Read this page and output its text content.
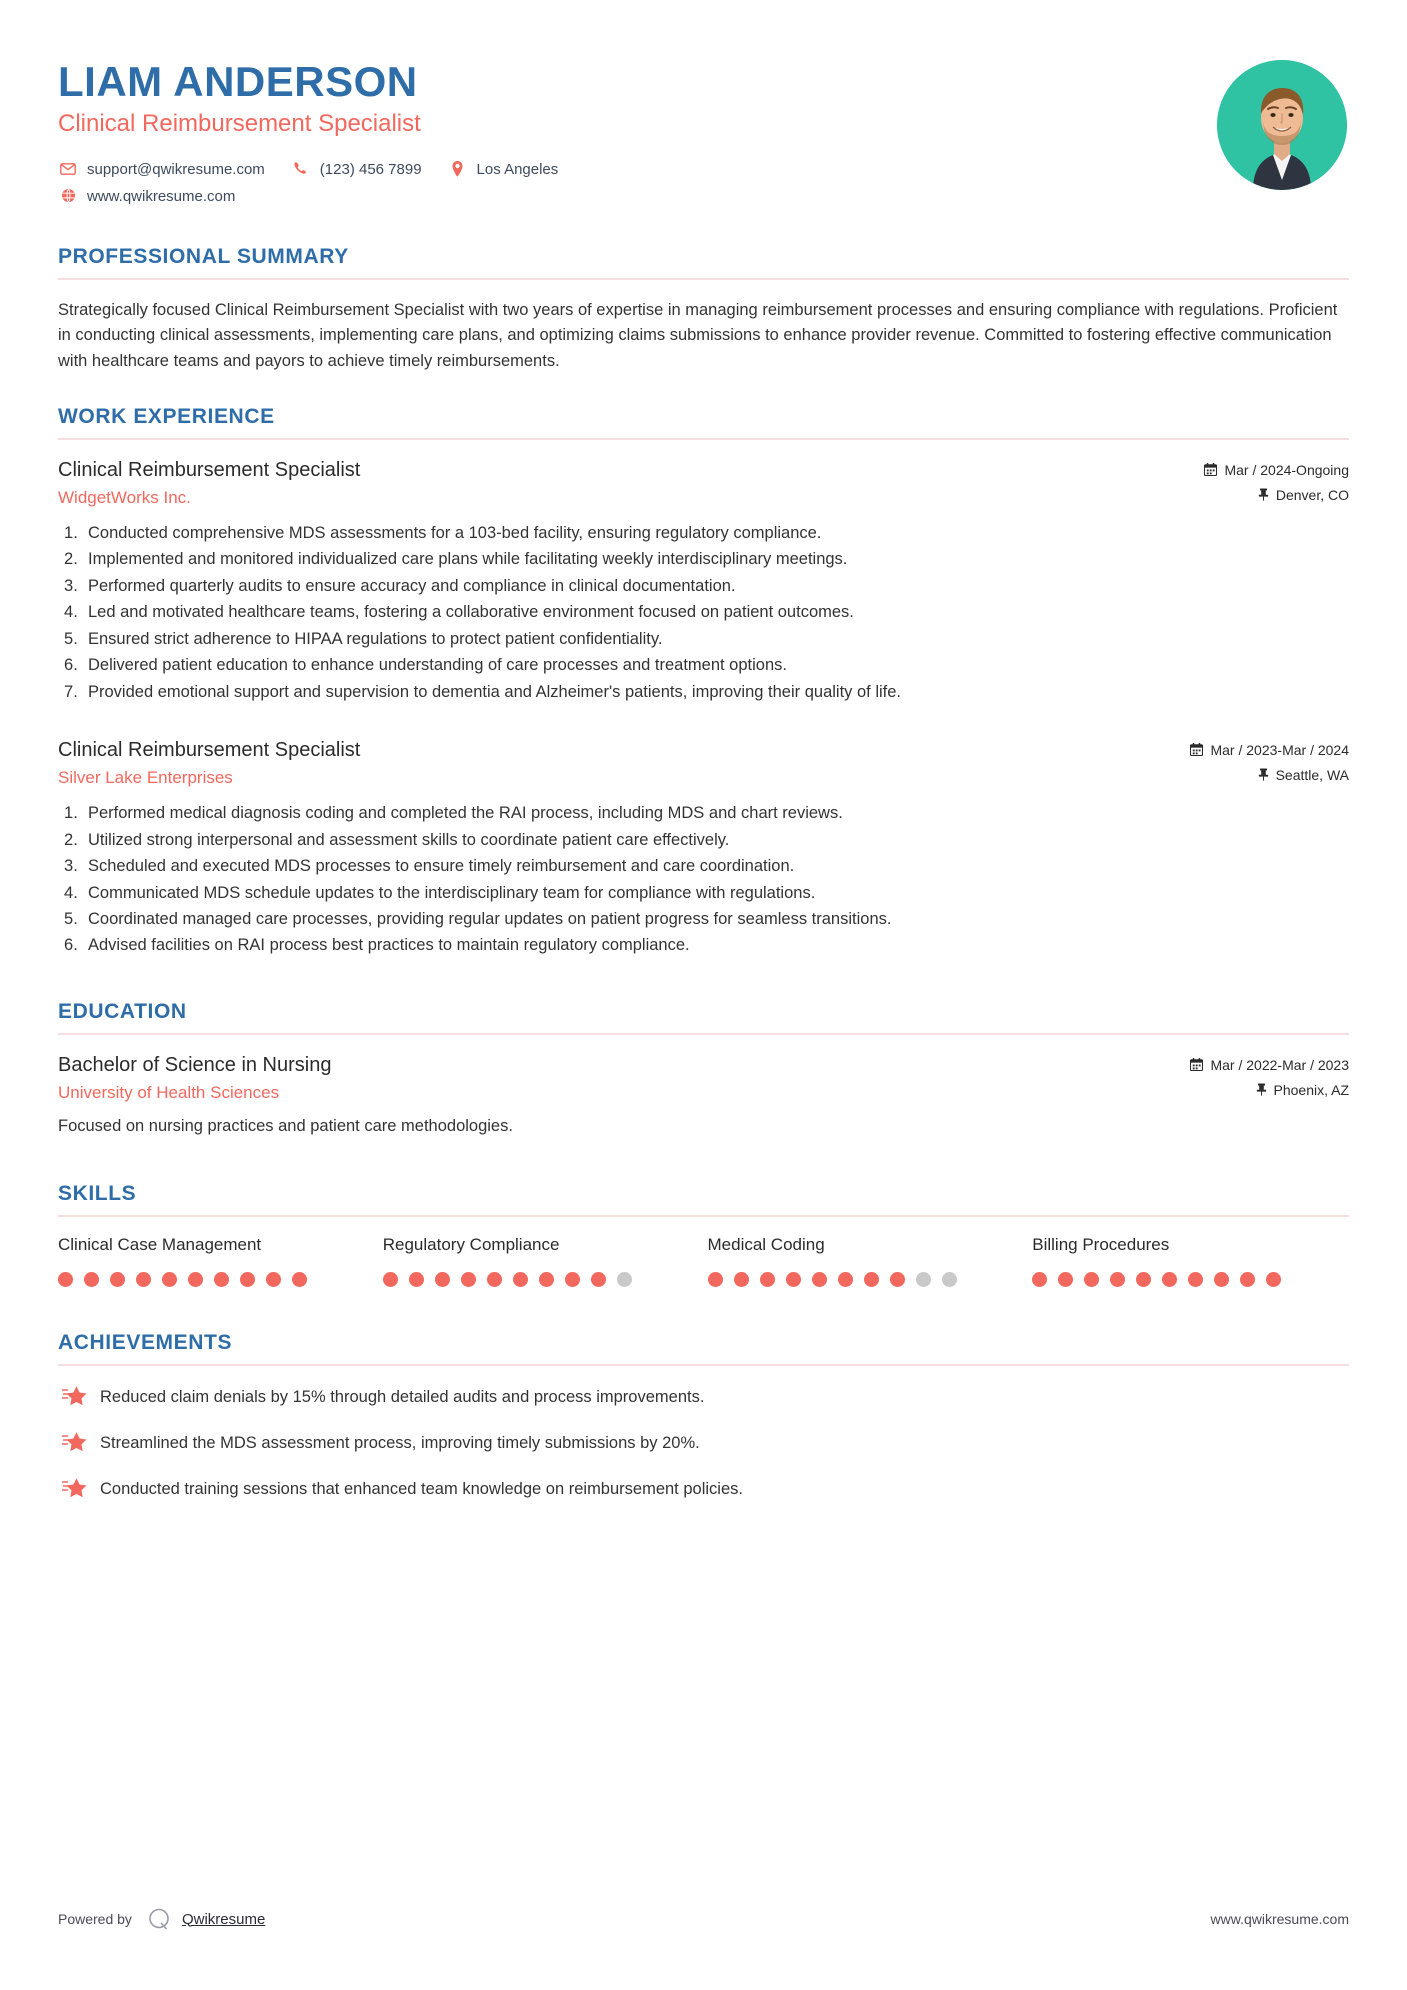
LIAM ANDERSON
Clinical Reimbursement Specialist
support@qwikresume.com	(123) 456 7899	Los Angeles
www.qwikresume.com
PROFESSIONAL SUMMARY

Strategically focused Clinical Reimbursement Specialist with two years of expertise in managing reimbursement processes and ensuring compliance with regulations. Proficient in conducting clinical assessments, implementing care plans, and optimizing claims submissions to enhance provider revenue. Committed to fostering effective communication with healthcare teams and payors to achieve timely reimbursements.

WORK EXPERIENCE
Clinical Reimbursement Specialist
WidgetWorks Inc.
Mar / 2024-Ongoing
Denver, CO
Conducted comprehensive MDS assessments for a 103-bed facility, ensuring regulatory compliance.
Implemented and monitored individualized care plans while facilitating weekly interdisciplinary meetings.
Performed quarterly audits to ensure accuracy and compliance in clinical documentation.
Led and motivated healthcare teams, fostering a collaborative environment focused on patient outcomes.
Ensured strict adherence to HIPAA regulations to protect patient confidentiality.
Delivered patient education to enhance understanding of care processes and treatment options.
Provided emotional support and supervision to dementia and Alzheimer's patients, improving their quality of life.
Clinical Reimbursement Specialist
Silver Lake Enterprises
Mar / 2023-Mar / 2024
Seattle, WA
Performed medical diagnosis coding and completed the RAI process, including MDS and chart reviews.
Utilized strong interpersonal and assessment skills to coordinate patient care effectively.
Scheduled and executed MDS processes to ensure timely reimbursement and care coordination.
Communicated MDS schedule updates to the interdisciplinary team for compliance with regulations.
Coordinated managed care processes, providing regular updates on patient progress for seamless transitions.
Advised facilities on RAI process best practices to maintain regulatory compliance.
EDUCATION
Bachelor of Science in Nursing
University of Health Sciences
Mar / 2022-Mar / 2023
Phoenix, AZ

Focused on nursing practices and patient care methodologies.

SKILLS
Clinical Case Management	Regulatory Compliance	Medical Coding	Billing Procedures
ACHIEVEMENTS
Reduced claim denials by 15% through detailed audits and process improvements.
Streamlined the MDS assessment process, improving timely submissions by 20%.
Conducted training sessions that enhanced team knowledge on reimbursement policies.
Powered by	Qwikresume	www.qwikresume.com
